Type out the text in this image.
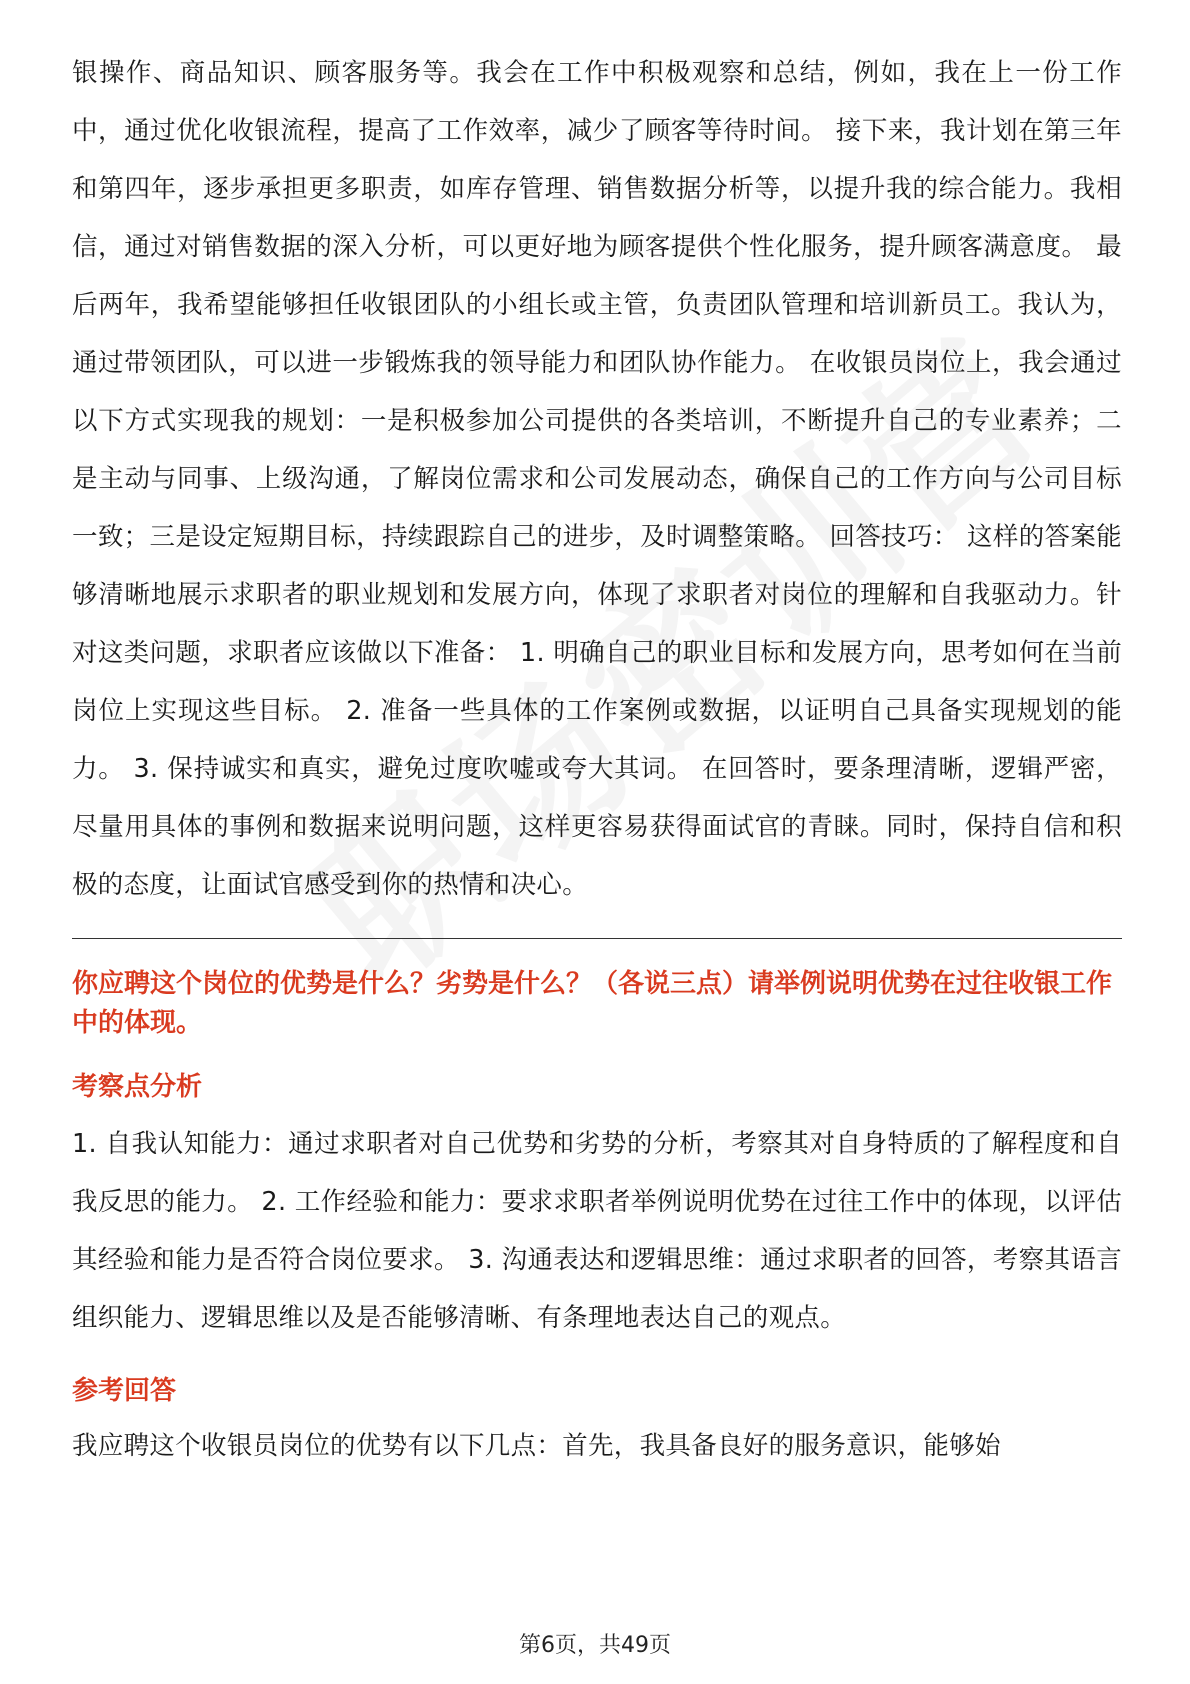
银操作、商品知识、顾客服务等。我会在工作中积极观察和总结，例如，我在上一份工作中，通过优化收银流程，提高了工作效率，减少了顾客等待时间。 接下来，我计划在第三年和第四年，逐步承担更多职责，如库存管理、销售数据分析等，以提升我的综合能力。我相信，通过对销售数据的深入分析，可以更好地为顾客提供个性化服务，提升顾客满意度。 最后两年，我希望能够担任收银团队的小组长或主管，负责团队管理和培训新员工。我认为，通过带领团队，可以进一步锻炼我的领导能力和团队协作能力。 在收银员岗位上，我会通过以下方式实现我的规划：一是积极参加公司提供的各类培训，不断提升自己的专业素养；二是主动与同事、上级沟通，了解岗位需求和公司发展动态，确保自己的工作方向与公司目标一致；三是设定短期目标，持续跟踪自己的进步，及时调整策略。 回答技巧： 这样的答案能够清晰地展示求职者的职业规划和发展方向，体现了求职者对岗位的理解和自我驱动力。针对这类问题，求职者应该做以下准备： 1. 明确自己的职业目标和发展方向，思考如何在当前岗位上实现这些目标。 2. 准备一些具体的工作案例或数据，以证明自己具备实现规划的能力。 3. 保持诚实和真实，避免过度吹嘘或夸大其词。 在回答时，要条理清晰，逻辑严密，尽量用具体的事例和数据来说明问题，这样更容易获得面试官的青睐。同时，保持自信和积极的态度，让面试官感受到你的热情和决心。

你应聘这个岗位的优势是什么？劣势是什么？（各说三点）请举例说明优势在过往收银工作中的体现。

考察点分析

1. 自我认知能力：通过求职者对自己优势和劣势的分析，考察其对自身特质的了解程度和自我反思的能力。 2. 工作经验和能力：要求求职者举例说明优势在过往工作中的体现，以评估其经验和能力是否符合岗位要求。 3. 沟通表达和逻辑思维：通过求职者的回答，考察其语言组织能力、逻辑思维以及是否能够清晰、有条理地表达自己的观点。

参考回答

我应聘这个收银员岗位的优势有以下几点：首先，我具备良好的服务意识，能够始

第6页，共49页
